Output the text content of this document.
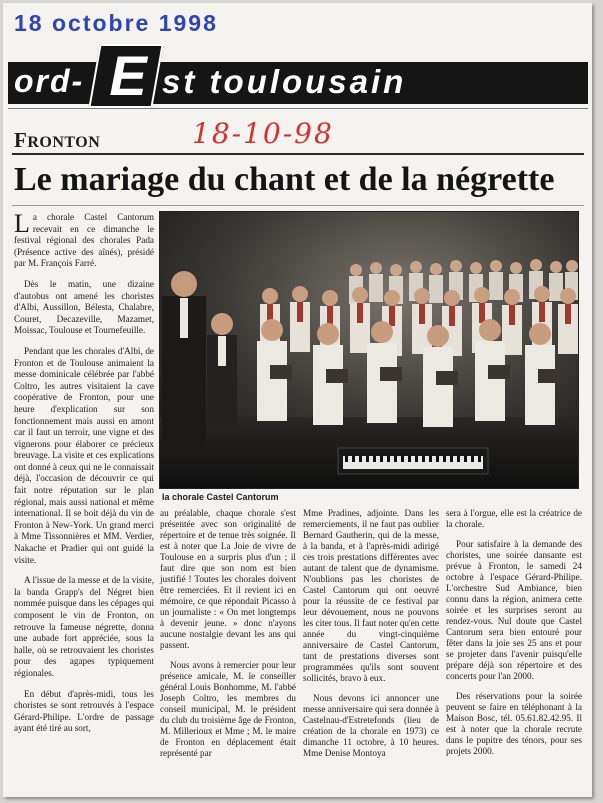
18 octobre 1998
ord- E st toulousain
FRONTON	18-10-98
Le mariage du chant et de la négrette

La chorale Castel Cantorum recevait en ce dimanche le festival régional des chorales Pada (Présence active des aînés), présidé par M. François Farré.

Dès le matin, une dizaine d'autobus ont amené les choristes d'Albi, Aussillon, Bélesta, Chalabre, Couret, Decazeville, Mazamet, Moissac, Toulouse et Tournefeuille.

Pendant que les chorales d'Albi, de Fronton et de Toulouse animaient la messe dominicale célébrée par l'abbé Coltro, les autres visitaient la cave coopérative de Fronton, pour une heure d'explication sur son fonctionnement mais aussi en amont car il faut un terroir, une vigne et des vignerons pour élaborer ce précieux breuvage. La visite et ces explications ont donné à ceux qui ne le connaissait déjà, l'occasion de découvrir ce qui fait notre réputation sur le plan régional, mais aussi national et même international. Il se boit déjà du vin de Fronton à New-York. Un grand merci à Mme Tissonnières et MM. Verdier, Nakache et Pradier qui ont guidé la visite.

A l'issue de la messe et de la visite, la banda Grapp's del Négret bien nommée puisque dans les cépages qui composent le vin de Fronton, on retrouve la fameuse négrette, donna une aubade fort appréciée, sous la halle, où se retrouvaient les choristes pour des agapes typiquement régionales.

En début d'après-midi, tous les choristes se sont retrouvés à l'espace Gérard-Philipe. L'ordre de passage ayant été tiré au sort,

la chorale Castel Cantorum

au préalable, chaque chorale s'est présentée avec son originalité de répertoire et de tenue très soignée. Il est à noter que La Joie de vivre de Toulouse en a surpris plus d'un ; il faut dire que son nom est bien justifié ! Toutes les chorales doivent être remerciées. Et il revient ici en mémoire, ce que répondait Picasso à un journaliste : « On met longtemps à devenir jeune. » donc n'ayons aucune nostalgie devant les ans qui passent.

Nous avons à remercier pour leur présence amicale, M. le conseiller général Louis Bonhomme, M. l'abbé Joseph Coltro, les membres du conseil municipal, M. le président du club du troisième âge de Fronton, M. Millerioux et Mme ; M. le maire de Fronton en déplacement était représenté par

Mme Pradines, adjointe. Dans les remerciements, il ne faut pas oublier Bernard Gautherin, qui de la messe, à la banda, et à l'après-midi adirigé ces trois prestations différentes avec autant de talent que de dynamisme. N'oublions pas les choristes de Castel Cantorum qui ont oeuvré pour la réussite de ce festival par leur dévouement, nous ne pouvons les citer tous. Il faut noter qu'en cette année du vingt-cinquième anniversaire de Castel Cantorum, tant de prestations diverses sont programmées qu'ils sont souvent sollicités, bravo à eux.

Nous devons ici annoncer une messe anniversaire qui sera donnée à Castelnau-d'Estretefonds (lieu de création de la chorale en 1973) ce dimanche 11 octobre, à 10 heures. Mme Denise Montoya

sera à l'orgue, elle est la créatrice de la chorale.

Pour satisfaire à la demande des choristes, une soirée dansante est prévue à Fronton, le samedi 24 octobre à l'espace Gérard-Philipe. L'orchestre Sud Ambiance, bien connu dans la région, animera cette soirée et les surprises seront au rendez-vous. Nul doute que Castel Cantorum sera bien entouré pour fêter dans la joie ses 25 ans et pour se projeter dans l'avenir puisqu'elle prépare déjà son répertoire et des concerts pour l'an 2000.

Des réservations pour la soirée peuvent se faire en téléphonant à la Maison Bosc, tél. 05.61.82.42.95. Il est à noter que la chorale recrute dans le pupitre des ténors, pour ses projets 2000.
